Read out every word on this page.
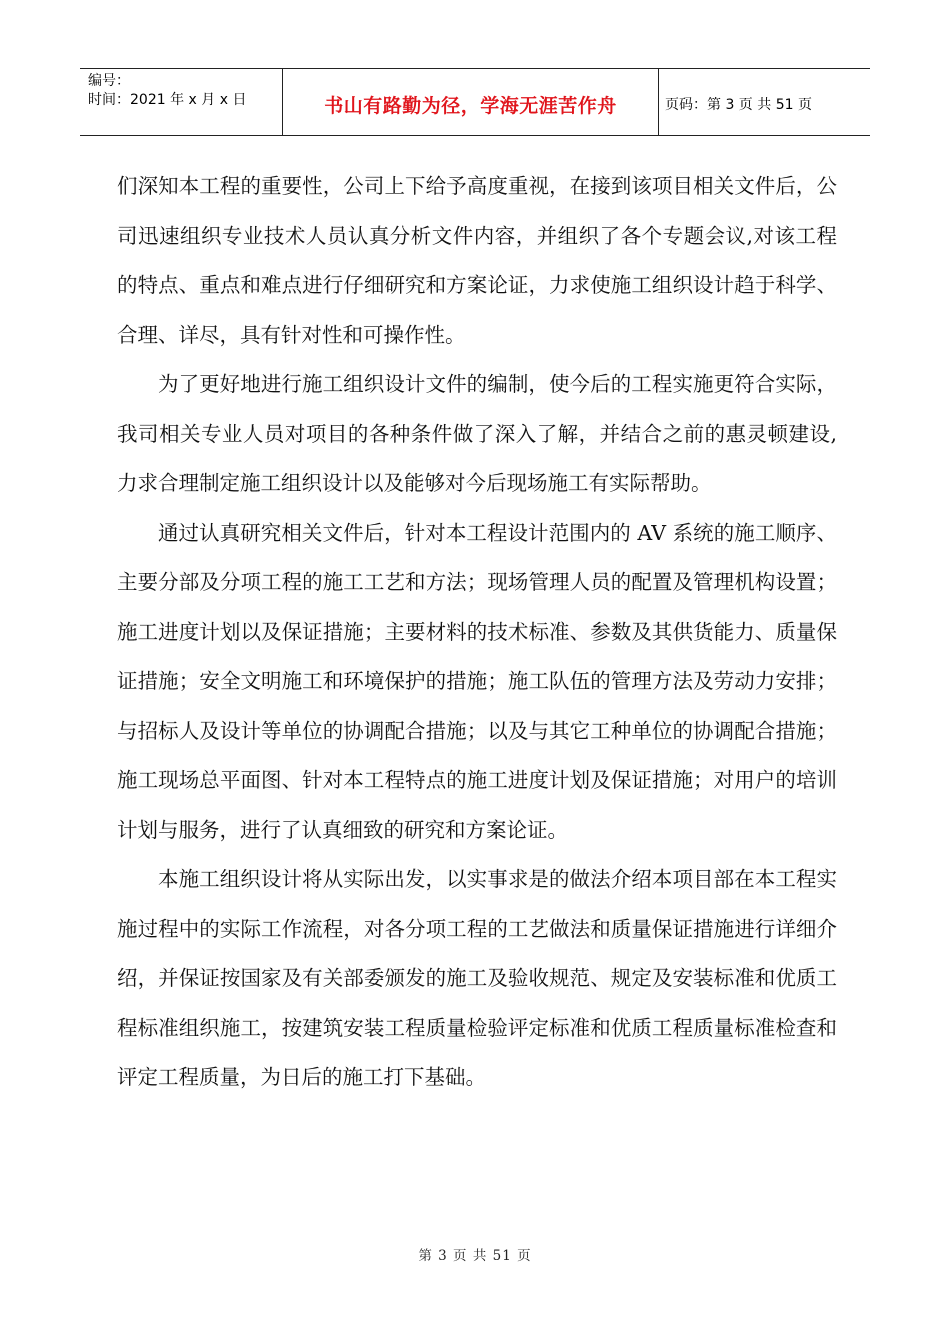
编号：
时间：2021 年 x 月 x 日	书山有路勤为径，学海无涯苦作舟	页码：第 3 页 共 51 页

们深知本工程的重要性，公司上下给予高度重视，在接到该项目相关文件后，公司迅速组织专业技术人员认真分析文件内容，并组织了各个专题会议,对该工程的特点、重点和难点进行仔细研究和方案论证，力求使施工组织设计趋于科学、合理、详尽，具有针对性和可操作性。

为了更好地进行施工组织设计文件的编制，使今后的工程实施更符合实际，我司相关专业人员对项目的各种条件做了深入了解，并结合之前的惠灵顿建设,力求合理制定施工组织设计以及能够对今后现场施工有实际帮助。

通过认真研究相关文件后，针对本工程设计范围内的 AV 系统的施工顺序、主要分部及分项工程的施工工艺和方法；现场管理人员的配置及管理机构设置；施工进度计划以及保证措施；主要材料的技术标准、参数及其供货能力、质量保证措施；安全文明施工和环境保护的措施；施工队伍的管理方法及劳动力安排；与招标人及设计等单位的协调配合措施；以及与其它工种单位的协调配合措施；施工现场总平面图、针对本工程特点的施工进度计划及保证措施；对用户的培训计划与服务，进行了认真细致的研究和方案论证。

本施工组织设计将从实际出发，以实事求是的做法介绍本项目部在本工程实施过程中的实际工作流程，对各分项工程的工艺做法和质量保证措施进行详细介绍，并保证按国家及有关部委颁发的施工及验收规范、规定及安装标准和优质工程标准组织施工，按建筑安装工程质量检验评定标准和优质工程质量标准检查和评定工程质量，为日后的施工打下基础。

第 3 页 共 51 页
